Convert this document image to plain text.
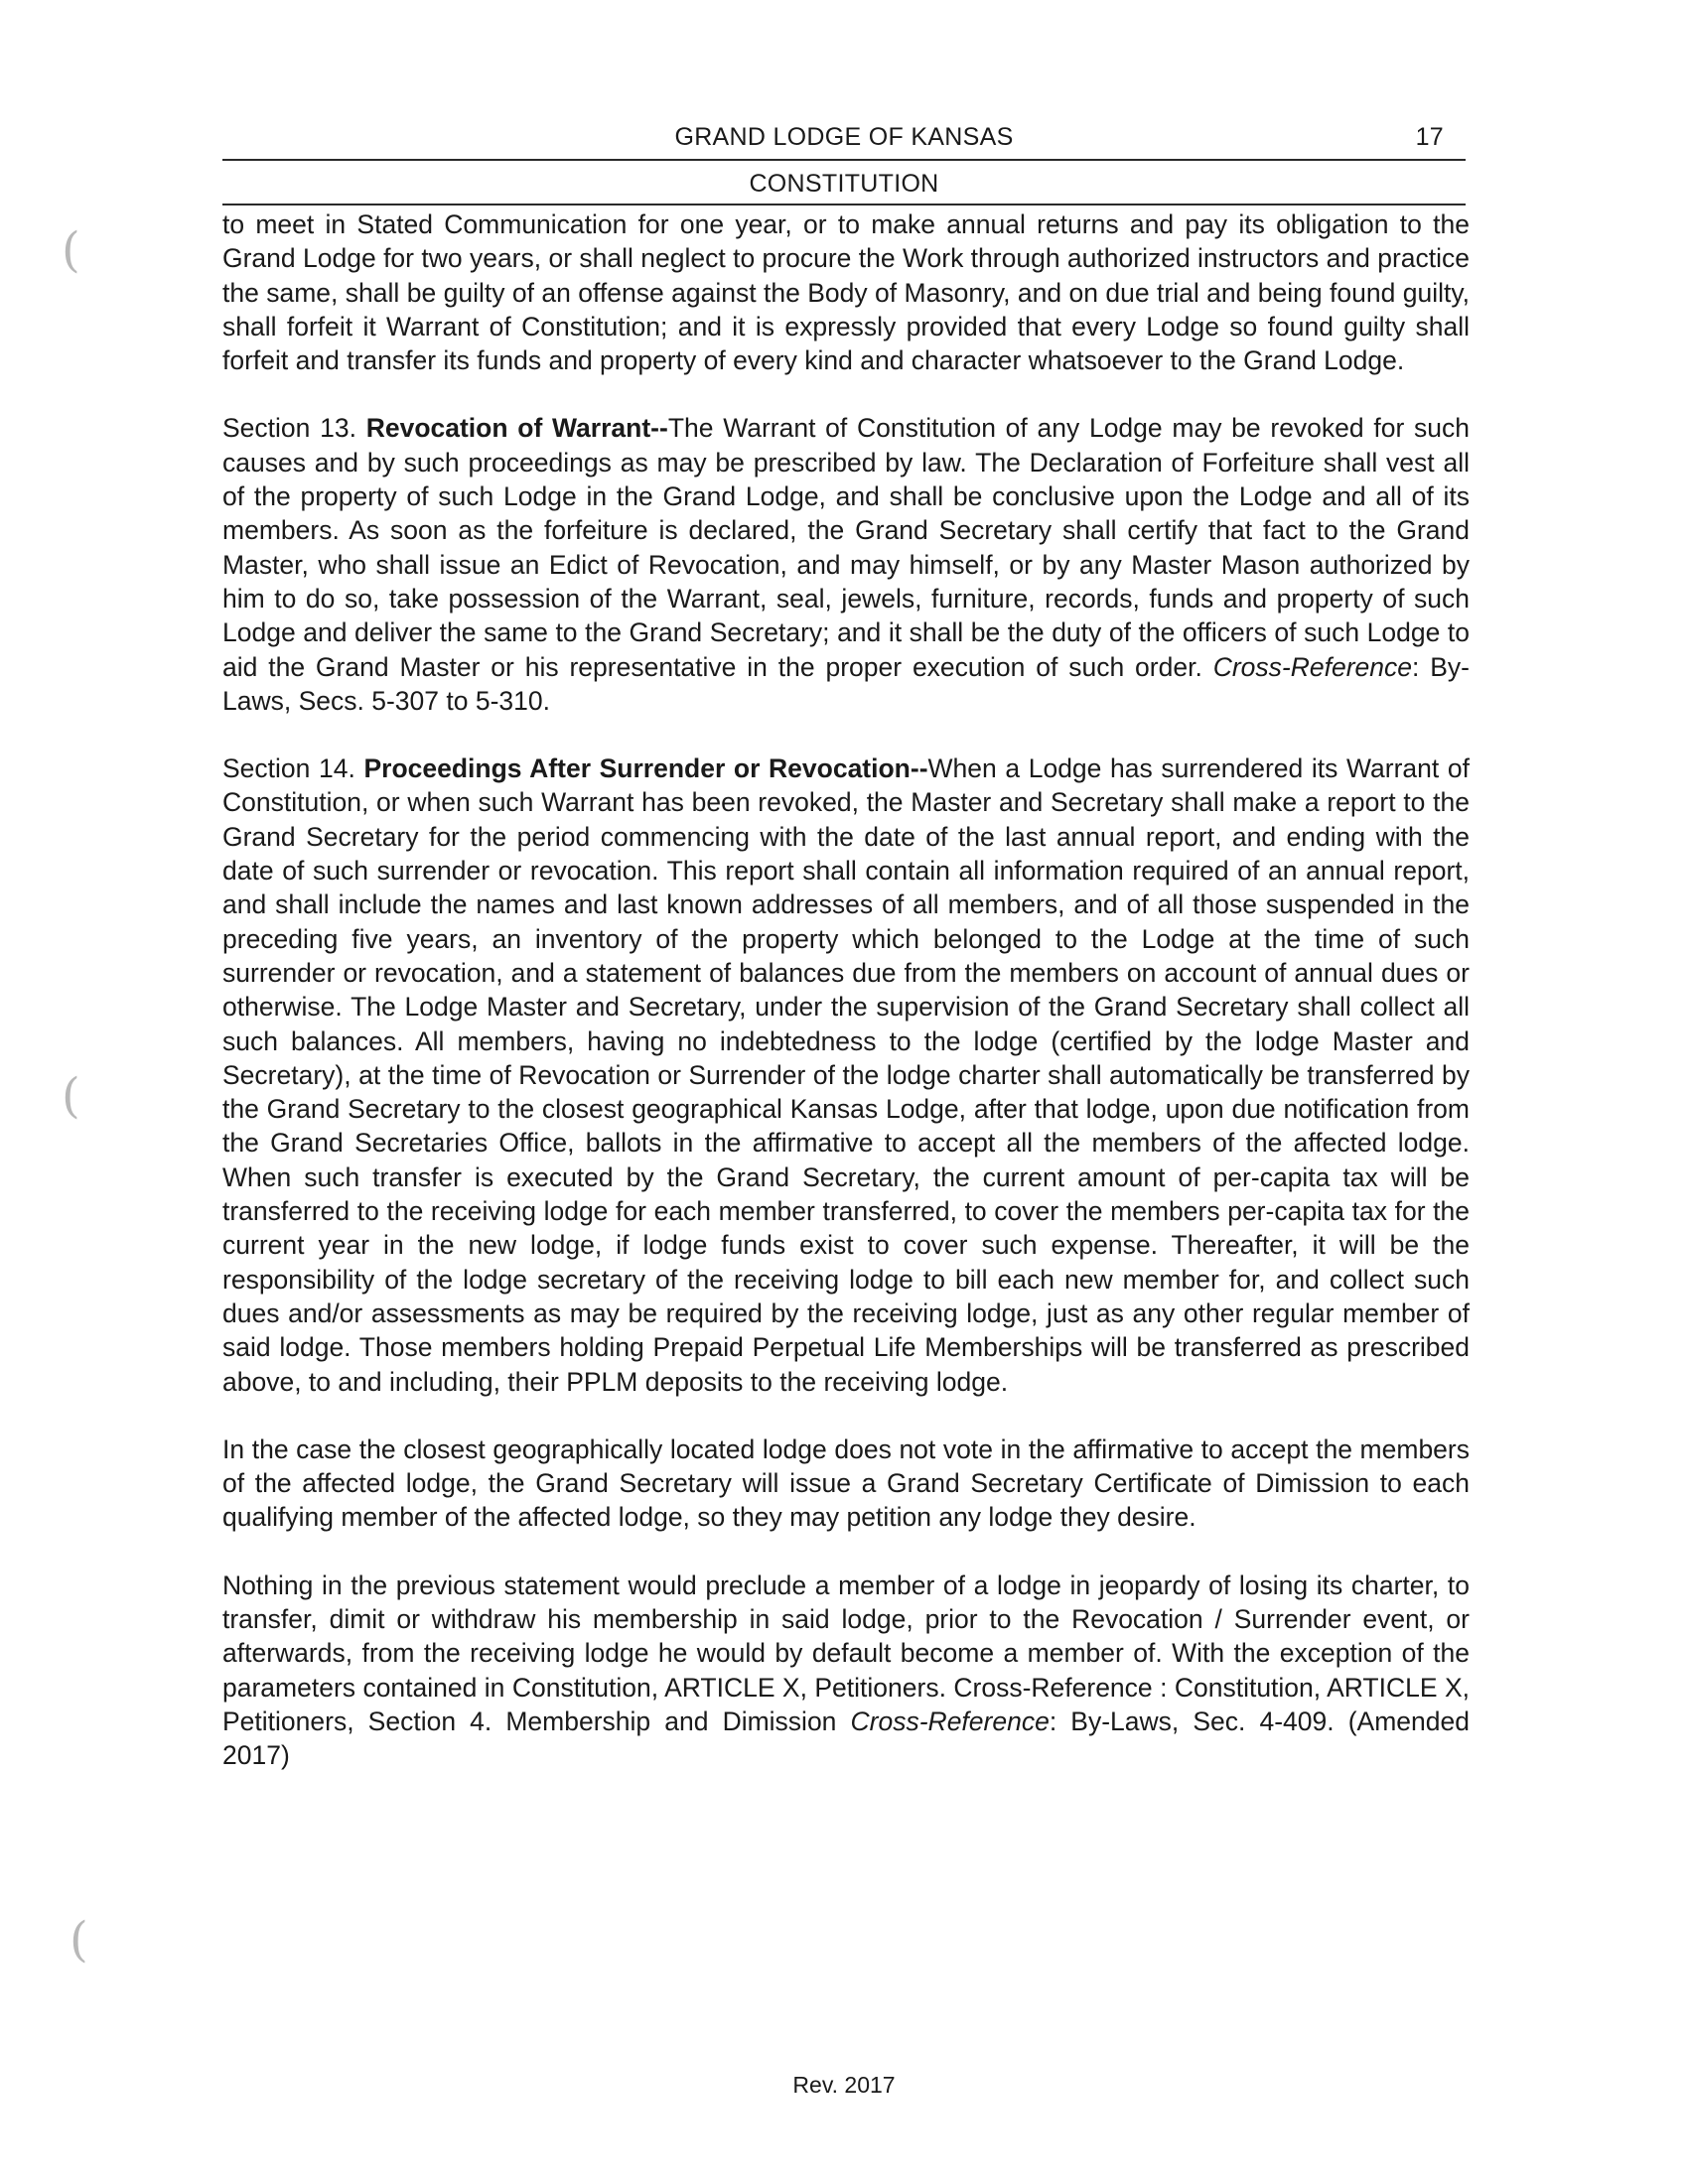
GRAND LODGE OF KANSAS	17
CONSTITUTION
(
(
(

to meet in Stated Communication for one year, or to make annual returns and pay its obligation to the Grand Lodge for two years, or shall neglect to procure the Work through authorized instructors and practice the same, shall be guilty of an offense against the Body of Masonry, and on due trial and being found guilty, shall forfeit it Warrant of Constitution; and it is expressly provided that every Lodge so found guilty shall forfeit and transfer its funds and property of every kind and character whatsoever to the Grand Lodge.

Section 13. Revocation of Warrant--The Warrant of Constitution of any Lodge may be revoked for such causes and by such proceedings as may be prescribed by law. The Declaration of Forfeiture shall vest all of the property of such Lodge in the Grand Lodge, and shall be conclusive upon the Lodge and all of its members. As soon as the forfeiture is declared, the Grand Secretary shall certify that fact to the Grand Master, who shall issue an Edict of Revocation, and may himself, or by any Master Mason authorized by him to do so, take possession of the Warrant, seal, jewels, furniture, records, funds and property of such Lodge and deliver the same to the Grand Secretary; and it shall be the duty of the officers of such Lodge to aid the Grand Master or his representative in the proper execution of such order. Cross-Reference: By-Laws, Secs. 5-307 to 5-310.

Section 14. Proceedings After Surrender or Revocation--When a Lodge has surrendered its Warrant of Constitution, or when such Warrant has been revoked, the Master and Secretary shall make a report to the Grand Secretary for the period commencing with the date of the last annual report, and ending with the date of such surrender or revocation. This report shall contain all information required of an annual report, and shall include the names and last known addresses of all members, and of all those suspended in the preceding five years, an inventory of the property which belonged to the Lodge at the time of such surrender or revocation, and a statement of balances due from the members on account of annual dues or otherwise. The Lodge Master and Secretary, under the supervision of the Grand Secretary shall collect all such balances. All members, having no indebtedness to the lodge (certified by the lodge Master and Secretary), at the time of Revocation or Surrender of the lodge charter shall automatically be transferred by the Grand Secretary to the closest geographical Kansas Lodge, after that lodge, upon due notification from the Grand Secretaries Office, ballots in the affirmative to accept all the members of the affected lodge. When such transfer is executed by the Grand Secretary, the current amount of per-capita tax will be transferred to the receiving lodge for each member transferred, to cover the members per-capita tax for the current year in the new lodge, if lodge funds exist to cover such expense. Thereafter, it will be the responsibility of the lodge secretary of the receiving lodge to bill each new member for, and collect such dues and/or assessments as may be required by the receiving lodge, just as any other regular member of said lodge. Those members holding Prepaid Perpetual Life Memberships will be transferred as prescribed above, to and including, their PPLM deposits to the receiving lodge.

In the case the closest geographically located lodge does not vote in the affirmative to accept the members of the affected lodge, the Grand Secretary will issue a Grand Secretary Certificate of Dimission to each qualifying member of the affected lodge, so they may petition any lodge they desire.

Nothing in the previous statement would preclude a member of a lodge in jeopardy of losing its charter, to transfer, dimit or withdraw his membership in said lodge, prior to the Revocation / Surrender event, or afterwards, from the receiving lodge he would by default become a member of. With the exception of the parameters contained in Constitution, ARTICLE X, Petitioners. Cross-Reference : Constitution, ARTICLE X, Petitioners, Section 4. Membership and Dimission Cross-Reference: By-Laws, Sec. 4-409. (Amended 2017)

Rev. 2017
